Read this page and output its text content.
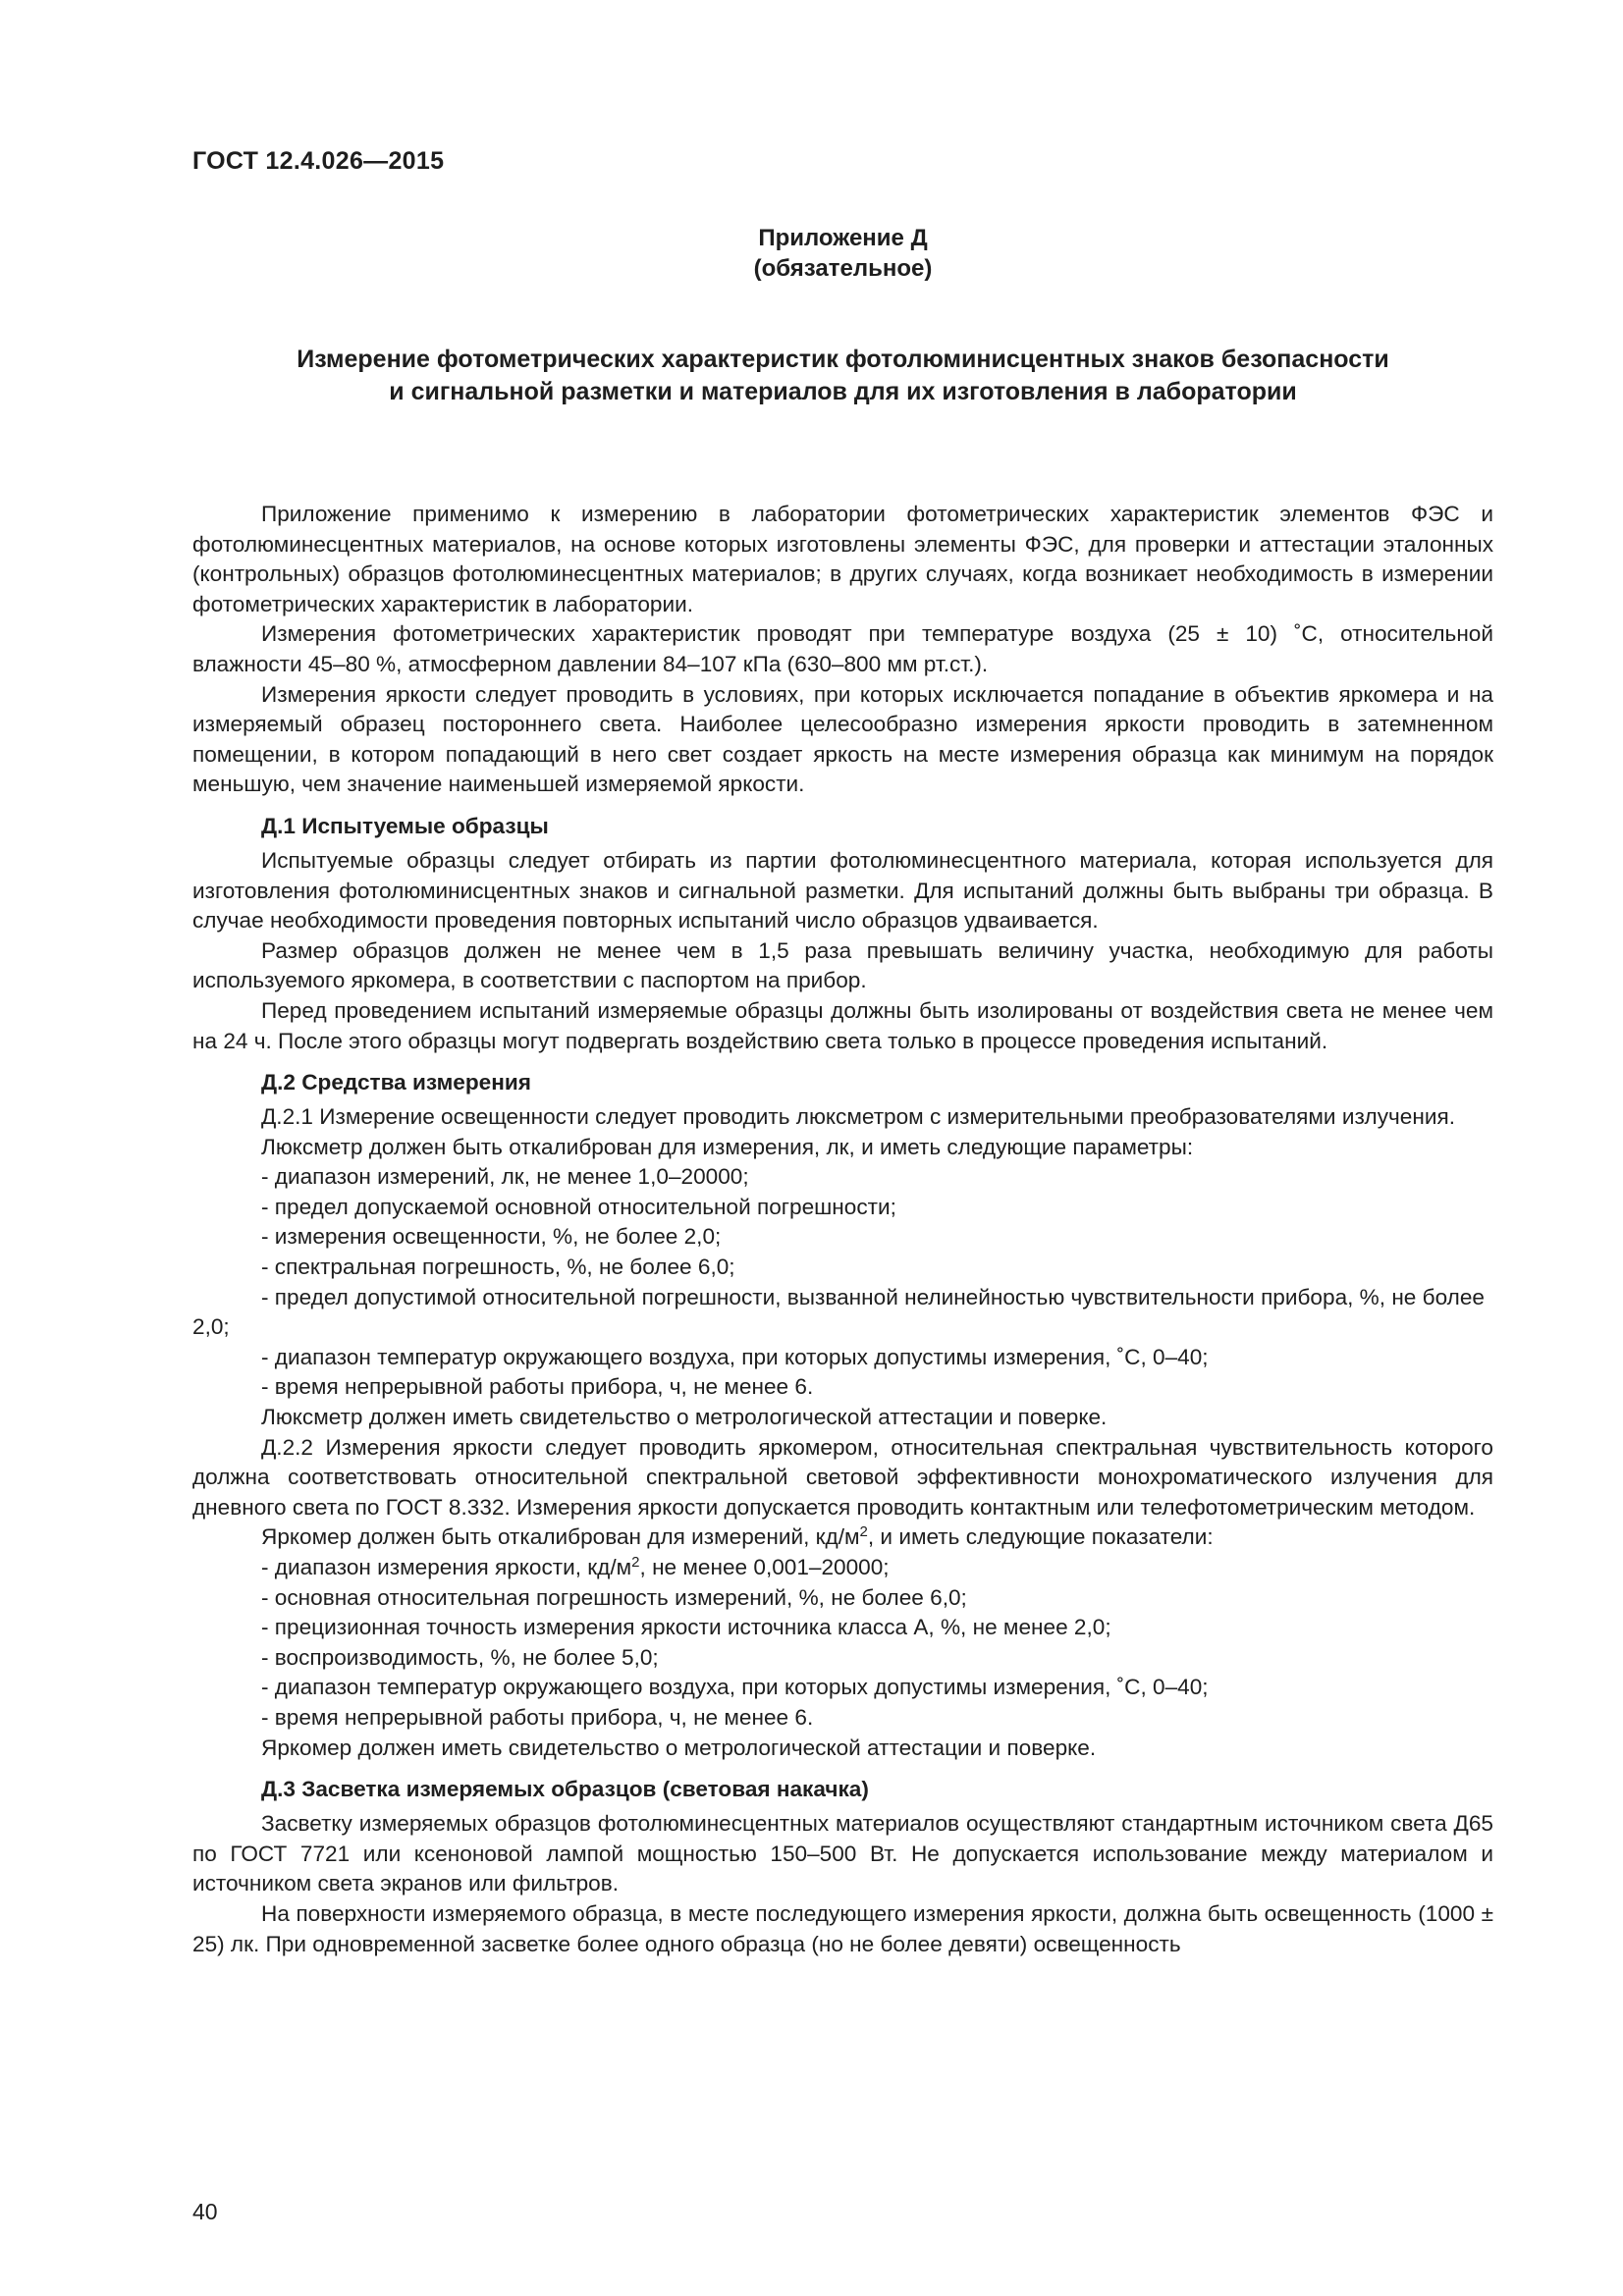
ГОСТ 12.4.026—2015
Приложение Д
(обязательное)
Измерение фотометрических характеристик фотолюминисцентных знаков безопасности
и сигнальной разметки и материалов для их изготовления в лаборатории

Приложение применимо к измерению в лаборатории фотометрических характеристик элементов ФЭС и фотолюминесцентных материалов, на основе которых изготовлены элементы ФЭС, для проверки и аттестации эталонных (контрольных) образцов фотолюминесцентных материалов; в других случаях, когда возникает необходимость в измерении фотометрических характеристик в лаборатории.

Измерения фотометрических характеристик проводят при температуре воздуха (25 ± 10) ˚С, относительной влажности 45–80 %, атмосферном давлении 84–107 кПа (630–800 мм рт.ст.).

Измерения яркости следует проводить в условиях, при которых исключается попадание в объектив яркомера и на измеряемый образец постороннего света. Наиболее целесообразно измерения яркости проводить в затемненном помещении, в котором попадающий в него свет создает яркость на месте измерения образца как минимум на порядок меньшую, чем значение наименьшей измеряемой яркости.

Д.1 Испытуемые образцы

Испытуемые образцы следует отбирать из партии фотолюминесцентного материала, которая используется для изготовления фотолюминисцентных знаков и сигнальной разметки. Для испытаний должны быть выбраны три образца. В случае необходимости проведения повторных испытаний число образцов удваивается.

Размер образцов должен не менее чем в 1,5 раза превышать величину участка, необходимую для работы используемого яркомера, в соответствии с паспортом на прибор.

Перед проведением испытаний измеряемые образцы должны быть изолированы от воздействия света не менее чем на 24 ч. После этого образцы могут подвергать воздействию света только в процессе проведения испытаний.

Д.2 Средства измерения

Д.2.1 Измерение освещенности следует проводить люксметром с измерительными преобразователями излучения.

Люксметр должен быть откалиброван для измерения, лк, и иметь следующие параметры:

- диапазон измерений, лк, не менее 1,0–20000;

- предел допускаемой основной относительной погрешности;

- измерения освещенности, %, не более 2,0;

- спектральная погрешность, %, не более 6,0;

- предел допустимой относительной погрешности, вызванной нелинейностью чувствительности прибора, %, не более 2,0;

- диапазон температур окружающего воздуха, при которых допустимы измерения, ˚С, 0–40;

- время непрерывной работы прибора, ч, не менее 6.

Люксметр должен иметь свидетельство о метрологической аттестации и поверке.

Д.2.2 Измерения яркости следует проводить яркомером, относительная спектральная чувствительность которого должна соответствовать относительной спектральной световой эффективности монохроматического излучения для дневного света по ГОСТ 8.332. Измерения яркости допускается проводить контактным или телефотометрическим методом.

Яркомер должен быть откалиброван для измерений, $кд/м^2$, и иметь следующие показатели:

- диапазон измерения яркости, $кд/м^2$, не менее 0,001–20000;

- основная относительная погрешность измерений, %, не более 6,0;

- прецизионная точность измерения яркости источника класса А, %, не менее 2,0;

- воспроизводимость, %, не более 5,0;

- диапазон температур окружающего воздуха, при которых допустимы измерения, ˚С, 0–40;

- время непрерывной работы прибора, ч, не менее 6.

Яркомер должен иметь свидетельство о метрологической аттестации и поверке.

Д.3 Засветка измеряемых образцов (световая накачка)

Засветку измеряемых образцов фотолюминесцентных материалов осуществляют стандартным источником света Д65 по ГОСТ 7721 или ксеноновой лампой мощностью 150–500 Вт. Не допускается использование между материалом и источником света экранов или фильтров.

На поверхности измеряемого образца, в месте последующего измерения яркости, должна быть освещенность (1000 ± 25) лк. При одновременной засветке более одного образца (но не более девяти) освещенность

40
